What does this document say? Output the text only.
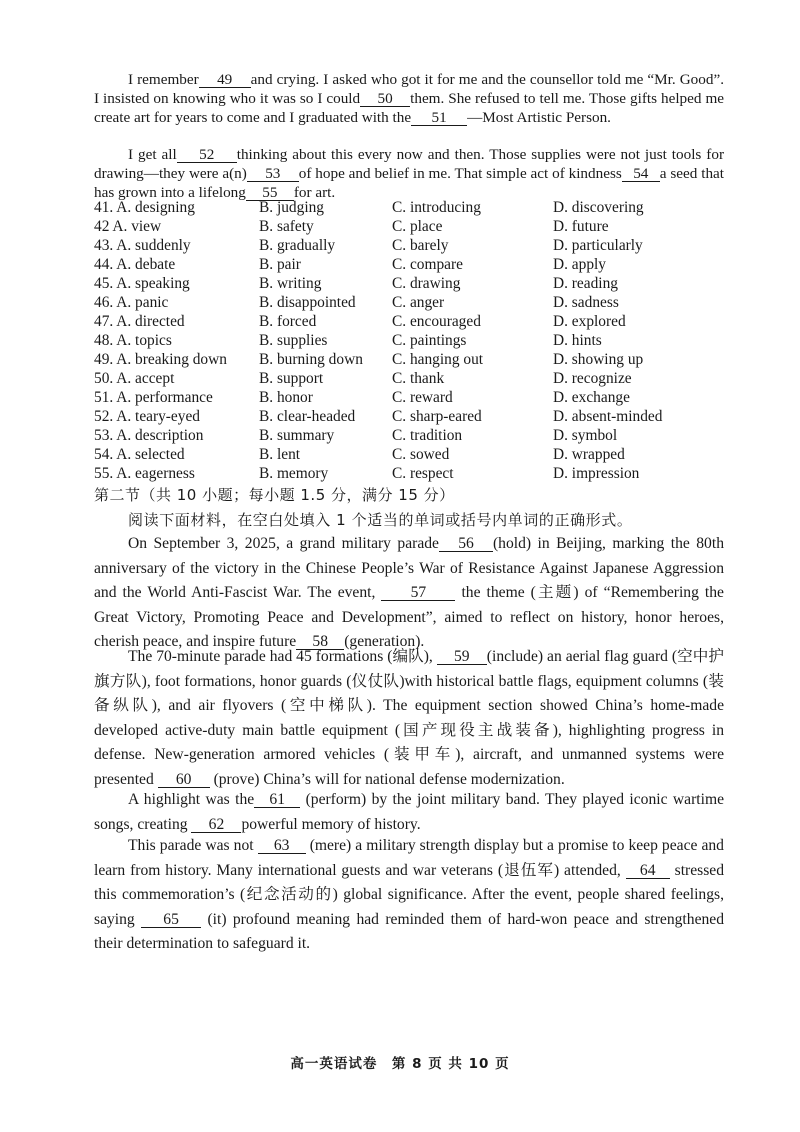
I remember 49 and crying. I asked who got it for me and the counsellor told me “Mr. Good”. I insisted on knowing who it was so I could 50 them. She refused to tell me. Those gifts helped me create art for years to come and I graduated with the 51 —Most Artistic Person.
I get all 52 thinking about this every now and then. Those supplies were not just tools for drawing—they were a(n) 53 of hope and belief in me. That simple act of kindness 54 a seed that has grown into a lifelong 55 for art.
41. A. designing	B. judging	C. introducing	D. discovering
42 A. view	B. safety	C. place	D. future
43. A. suddenly	B. gradually	C. barely	D. particularly
44. A. debate	B. pair	C. compare	D. apply
45. A. speaking	B. writing	C. drawing	D. reading
46. A. panic	B. disappointed C. anger	D. sadness
47. A. directed	B. forced	C. encouraged	D. explored
48. A. topics	B. supplies	C. paintings	D. hints
49. A. breaking down B. burning down C. hanging out	D. showing up
50. A. accept	B. support	C. thank	D. recognize
51. A. performance	B. honor	C. reward	D. exchange
52. A. teary-eyed	B. clear-headed C. sharp-eared	D. absent-minded
53. A. description	B. summary	C. tradition	D. symbol
54. A. selected	B. lent	C. sowed	D. wrapped
55. A. eagerness	B. memory	C. respect	D. impression
第二节（共 10 小题；每小题 1.5 分，满分 15 分）
阅读下面材料，在空白处填入 1 个适当的单词或括号内单词的正确形式。
On September 3, 2025, a grand military parade 56 (hold) in Beijing, marking the 80th anniversary of the victory in the Chinese People’s War of Resistance Against Japanese Aggression and the World Anti-Fascist War. The event, 57 the theme (主题) of “Remembering the Great Victory, Promoting Peace and Development”, aimed to reflect on history, honor heroes, cherish peace, and inspire future 58 (generation).
The 70-minute parade had 45 formations (编队), 59 (include) an aerial flag guard (空中护旗方队), foot formations, honor guards (仪仗队)with historical battle flags, equipment columns (装备纵队), and air flyovers (空中梯队). The equipment section showed China’s home-made developed active-duty main battle equipment (国产现役主战装备), highlighting progress in defense. New-generation armored vehicles (装甲车), aircraft, and unmanned systems were presented 60 (prove) China’s will for national defense modernization.
A highlight was the 61 (perform) by the joint military band. They played iconic wartime songs, creating 62 powerful memory of history.
This parade was not 63 (mere) a military strength display but a promise to keep peace and learn from history. Many international guests and war veterans (退伍军) attended, 64 stressed this commemoration’s (纪念活动的) global significance. After the event, people shared feelings, saying 65 (it) profound meaning had reminded them of hard-won peace and strengthened their determination to safeguard it.
高一英语试卷　第 8 页 共 10 页
